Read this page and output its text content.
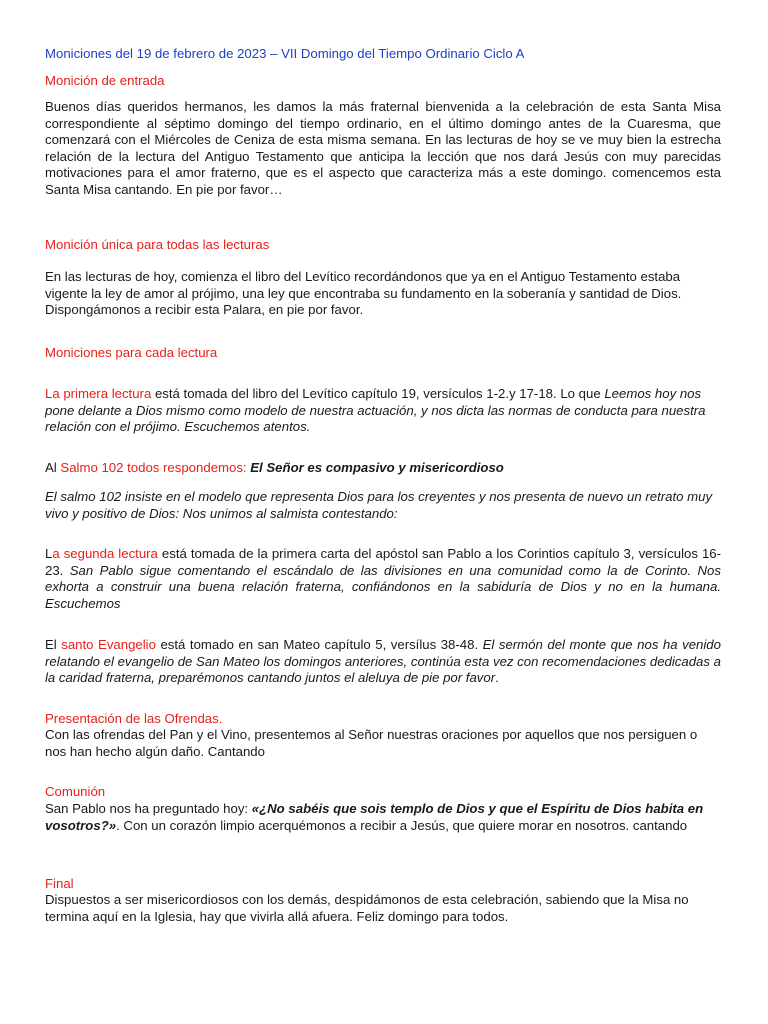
Moniciones del 19 de febrero de 2023 – VII Domingo del Tiempo Ordinario Ciclo A

Monición de entrada

Buenos días queridos hermanos, les damos la más fraternal bienvenida a la celebración de esta Santa Misa correspondiente al séptimo domingo del tiempo ordinario, en el último domingo antes de la Cuaresma, que comenzará con el Miércoles de Ceniza de esta misma semana. En las lecturas de hoy se ve muy bien la estrecha relación de la lectura del Antiguo Testamento que anticipa la lección que nos dará Jesús con muy parecidas motivaciones para el amor fraterno, que es el aspecto que caracteriza más a este domingo. comencemos esta Santa Misa cantando. En pie por favor…

Monición única para todas las lecturas

En las lecturas de hoy, comienza el libro del Levítico recordándonos que ya en el Antiguo Testamento estaba vigente la ley de amor al prójimo, una ley que encontraba su fundamento en la soberanía y santidad de Dios. Dispongámonos a recibir esta Palara, en pie por favor.

Moniciones para cada lectura

La primera lectura está tomada del libro del Levítico capítulo 19, versículos 1-2.y 17-18. Lo que Leemos hoy nos pone delante a Dios mismo como modelo de nuestra actuación, y nos dicta las normas de conducta para nuestra relación con el prójimo. Escuchemos atentos.

Al Salmo 102 todos respondemos: El Señor es compasivo y misericordioso

El salmo 102 insiste en el modelo que representa Dios para los creyentes y nos presenta de nuevo un retrato muy vivo y positivo de Dios: Nos unimos al salmista contestando:

La segunda lectura está tomada de la primera carta del apóstol san Pablo a los Corintios capítulo 3, versículos 16-23. San Pablo sigue comentando el escándalo de las divisiones en una comunidad como la de Corinto. Nos exhorta a construir una buena relación fraterna, confiándonos en la sabiduría de Dios y no en la humana. Escuchemos

El santo Evangelio está tomado en san Mateo capítulo 5, versílus 38-48. El sermón del monte que nos ha venido relatando el evangelio de San Mateo los domingos anteriores, continúa esta vez con recomendaciones dedicadas a la caridad fraterna, preparémonos cantando juntos el aleluya de pie por favor.

Presentación de las Ofrendas.

Con las ofrendas del Pan y el Vino, presentemos al Señor nuestras oraciones por aquellos que nos persiguen o nos han hecho algún daño. Cantando

Comunión

San Pablo nos ha preguntado hoy: «¿No sabéis que sois templo de Dios y que el Espíritu de Dios habita en vosotros?». Con un corazón limpio acerquémonos a recibir a Jesús, que quiere morar en nosotros. cantando

Final

Dispuestos a ser misericordiosos con los demás, despidámonos de esta celebración, sabiendo que la Misa no termina aquí en la Iglesia, hay que vivirla allá afuera. Feliz domingo para todos.
